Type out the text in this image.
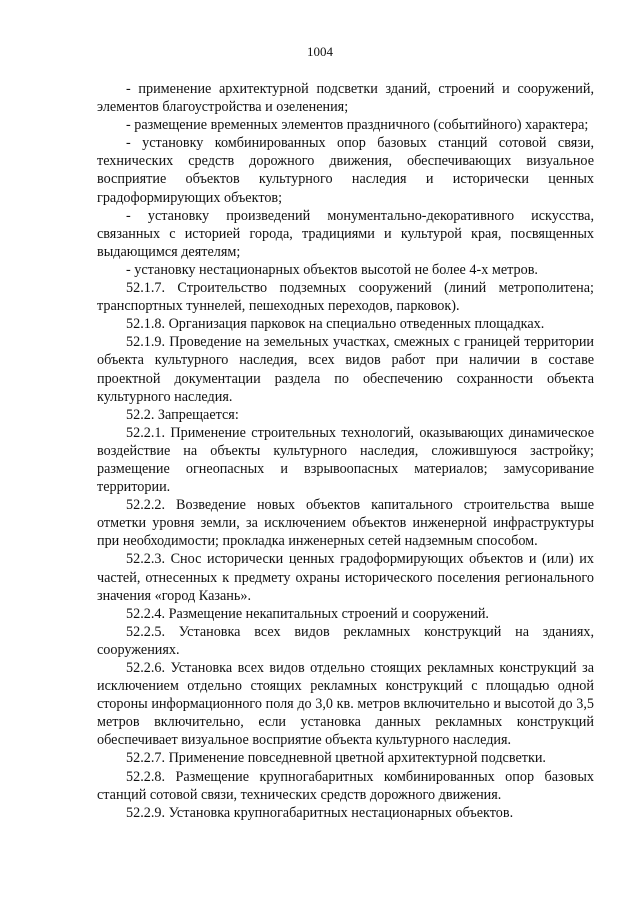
1004

- применение архитектурной подсветки зданий, строений и сооружений, элементов благоустройства и озеленения;

- размещение временных элементов праздничного (событийного) характера;

- установку комбинированных опор базовых станций сотовой связи, технических средств дорожного движения, обеспечивающих визуальное восприятие объектов культурного наследия и исторически ценных градоформирующих объектов;

- установку произведений монументально-декоративного искусства, связанных с историей города, традициями и культурой края, посвященных выдающимся деятелям;

- установку нестационарных объектов высотой не более 4-х метров.

52.1.7. Строительство подземных сооружений (линий метрополитена; транспортных туннелей, пешеходных переходов, парковок).

52.1.8. Организация парковок на специально отведенных площадках.

52.1.9. Проведение на земельных участках, смежных с границей территории объекта культурного наследия, всех видов работ при наличии в составе проектной документации раздела по обеспечению сохранности объекта культурного наследия.

52.2. Запрещается:

52.2.1. Применение строительных технологий, оказывающих динамическое воздействие на объекты культурного наследия, сложившуюся застройку; размещение огнеопасных и взрывоопасных материалов; замусоривание территории.

52.2.2. Возведение новых объектов капитального строительства выше отметки уровня земли, за исключением объектов инженерной инфраструктуры при необходимости; прокладка инженерных сетей надземным способом.

52.2.3. Снос исторически ценных градоформирующих объектов и (или) их частей, отнесенных к предмету охраны исторического поселения регионального значения «город Казань».

52.2.4. Размещение некапитальных строений и сооружений.

52.2.5. Установка всех видов рекламных конструкций на зданиях, сооружениях.

52.2.6. Установка всех видов отдельно стоящих рекламных конструкций за исключением отдельно стоящих рекламных конструкций с площадью одной стороны информационного поля до 3,0 кв. метров включительно и высотой до 3,5 метров включительно, если установка данных рекламных конструкций обеспечивает визуальное восприятие объекта культурного наследия.

52.2.7. Применение повседневной цветной архитектурной подсветки.

52.2.8. Размещение крупногабаритных комбинированных опор базовых станций сотовой связи, технических средств дорожного движения.

52.2.9. Установка крупногабаритных нестационарных объектов.
